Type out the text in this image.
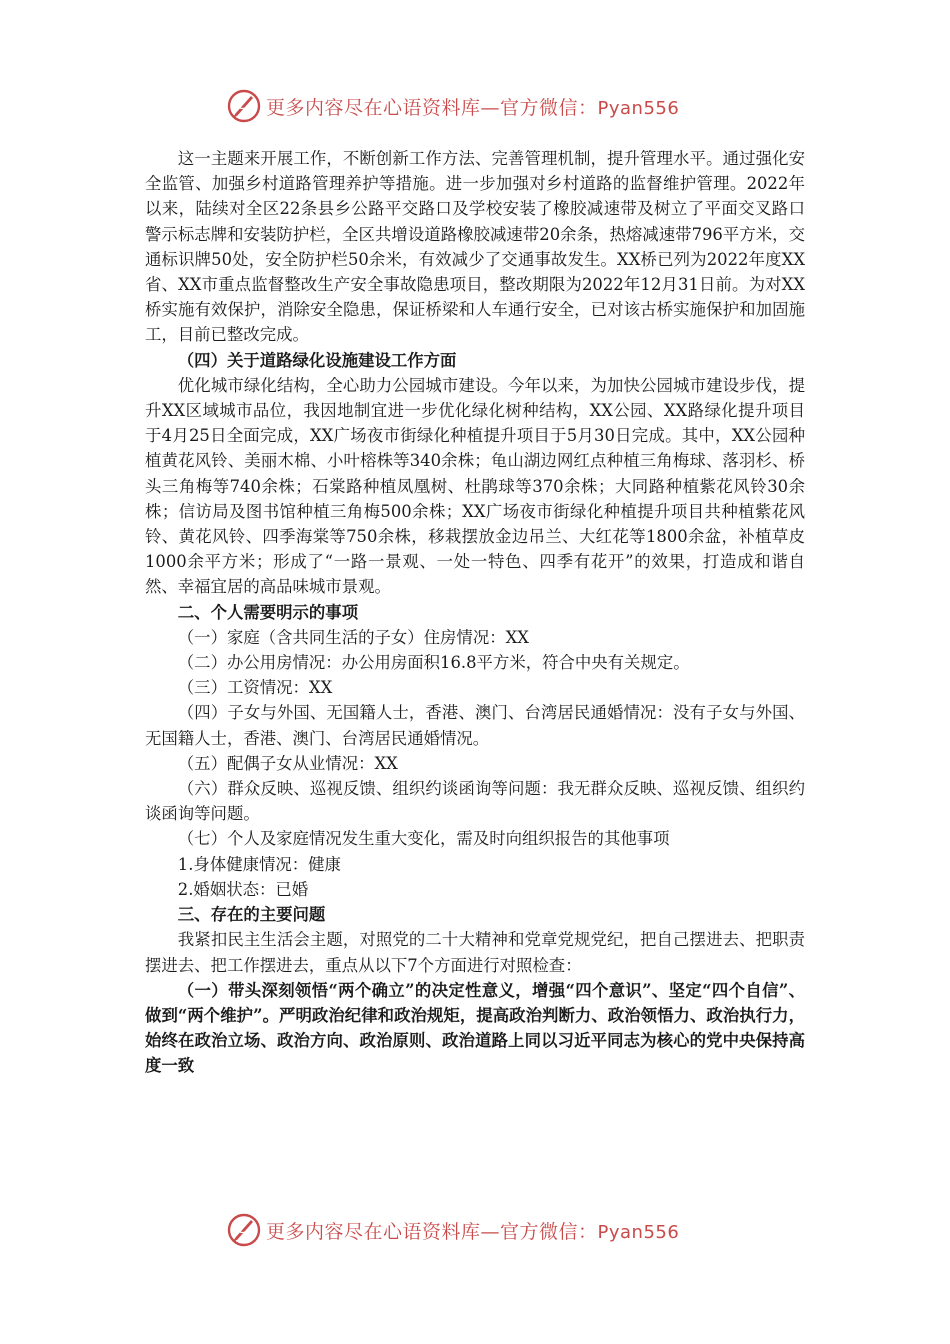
更多内容尽在心语资料库—官方微信：Pyan556

这一主题来开展工作，不断创新工作方法、完善管理机制，提升管理水平。通过强化安全监管、加强乡村道路管理养护等措施。进一步加强对乡村道路的监督维护管理。2022年以来，陆续对全区22条县乡公路平交路口及学校安装了橡胶减速带及树立了平面交叉路口警示标志牌和安装防护栏，全区共增设道路橡胶减速带20余条，热熔减速带796平方米，交通标识牌50处，安全防护栏50余米，有效减少了交通事故发生。XX桥已列为2022年度XX省、XX市重点监督整改生产安全事故隐患项目，整改期限为2022年12月31日前。为对XX桥实施有效保护，消除安全隐患，保证桥梁和人车通行安全，已对该古桥实施保护和加固施工，目前已整改完成。

（四）关于道路绿化设施建设工作方面

优化城市绿化结构，全心助力公园城市建设。今年以来，为加快公园城市建设步伐，提升XX区域城市品位，我因地制宜进一步优化绿化树种结构，XX公园、XX路绿化提升项目于4月25日全面完成，XX广场夜市街绿化种植提升项目于5月30日完成。其中，XX公园种植黄花风铃、美丽木棉、小叶榕株等340余株；龟山湖边网红点种植三角梅球、落羽杉、桥头三角梅等740余株；石棠路种植凤凰树、杜鹃球等370余株；大同路种植紫花风铃30余株；信访局及图书馆种植三角梅500余株；XX广场夜市街绿化种植提升项目共种植紫花风铃、黄花风铃、四季海棠等750余株，移栽摆放金边吊兰、大红花等1800余盆，补植草皮1000余平方米；形成了“一路一景观、一处一特色、四季有花开”的效果，打造成和谐自然、幸福宜居的高品味城市景观。

二、个人需要明示的事项

（一）家庭（含共同生活的子女）住房情况：XX

（二）办公用房情况：办公用房面积16.8平方米，符合中央有关规定。

（三）工资情况：XX

（四）子女与外国、无国籍人士，香港、澳门、台湾居民通婚情况：没有子女与外国、无国籍人士，香港、澳门、台湾居民通婚情况。

（五）配偶子女从业情况：XX

（六）群众反映、巡视反馈、组织约谈函询等问题：我无群众反映、巡视反馈、组织约谈函询等问题。

（七）个人及家庭情况发生重大变化，需及时向组织报告的其他事项

1.身体健康情况：健康

2.婚姻状态：已婚

三、存在的主要问题

我紧扣民主生活会主题，对照党的二十大精神和党章党规党纪，把自己摆进去、把职责摆进去、把工作摆进去，重点从以下7个方面进行对照检查：

（一）带头深刻领悟“两个确立”的决定性意义，增强“四个意识”、坚定“四个自信”、做到“两个维护”。严明政治纪律和政治规矩，提高政治判断力、政治领悟力、政治执行力，始终在政治立场、政治方向、政治原则、政治道路上同以习近平同志为核心的党中央保持高度一致

更多内容尽在心语资料库—官方微信：Pyan556
